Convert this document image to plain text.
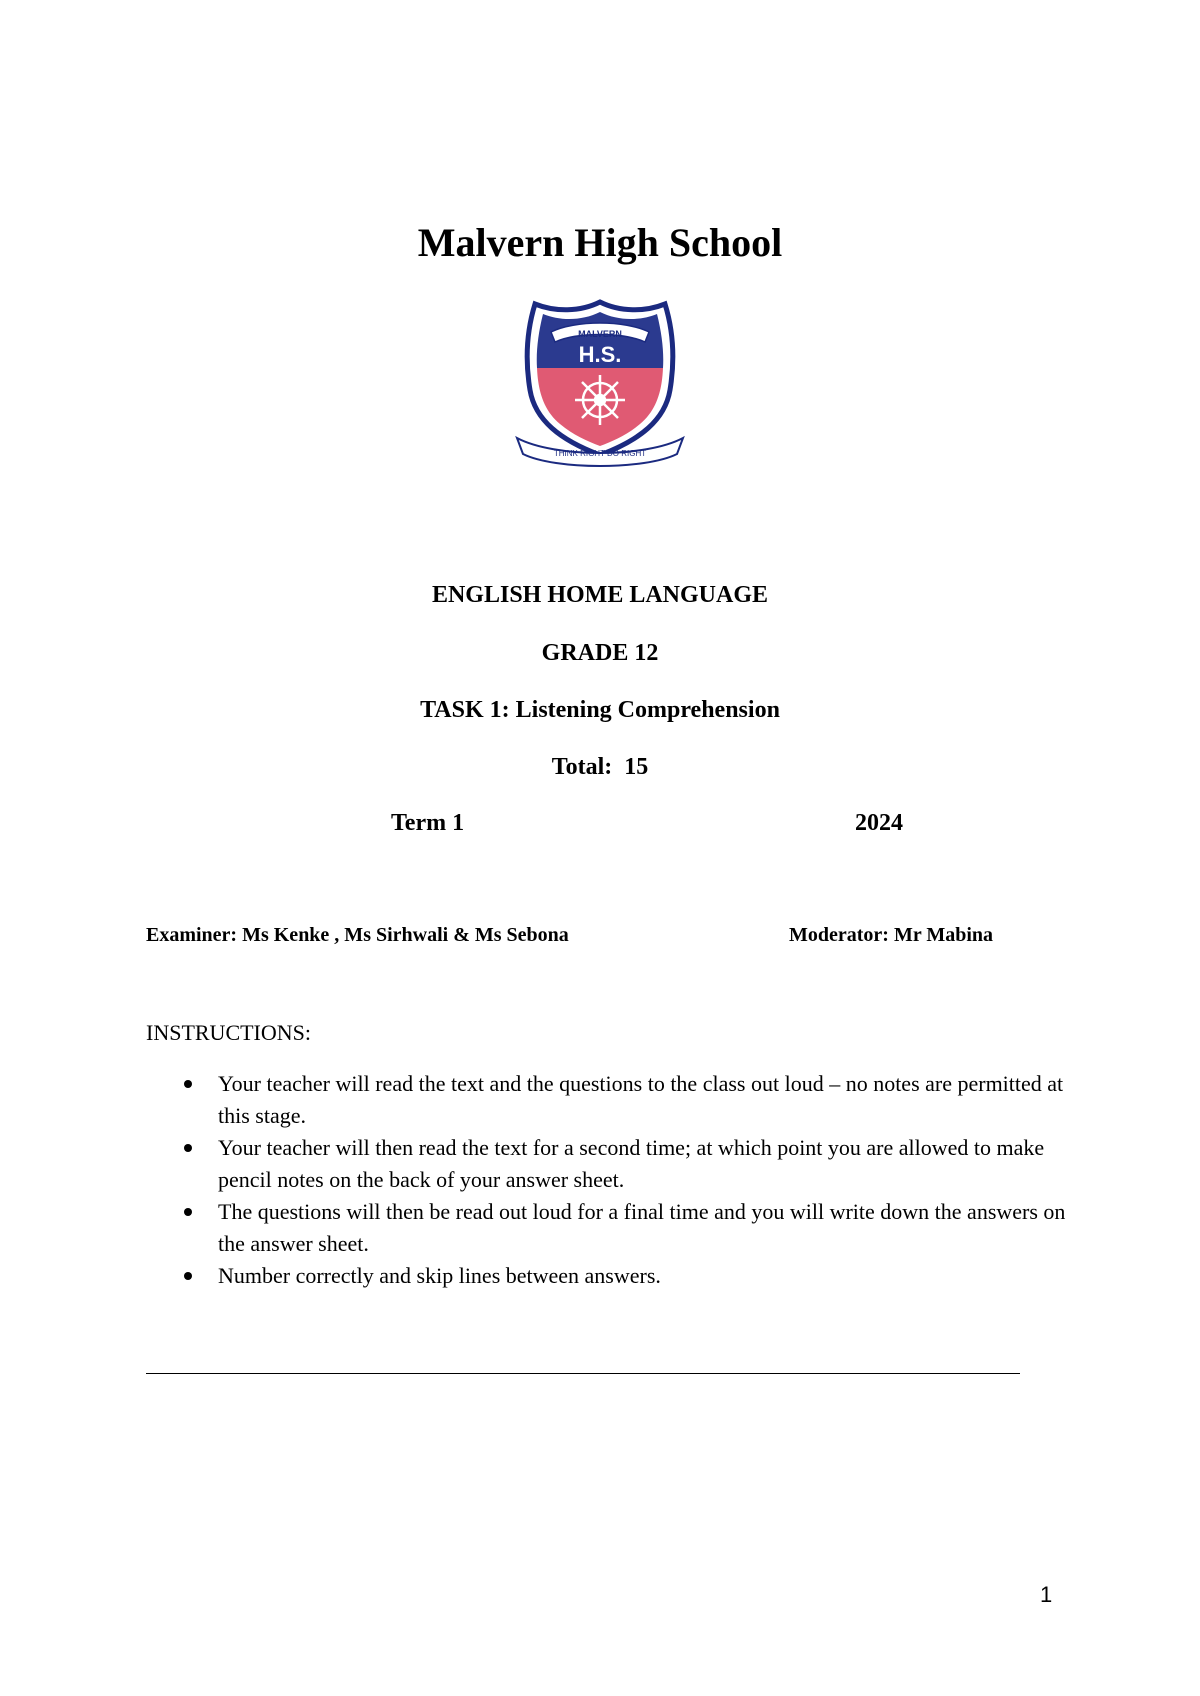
Malvern High School
MALVERN
H.S.
THINK RIGHT DO RIGHT
ENGLISH HOME LANGUAGE
GRADE 12
TASK 1: Listening Comprehension
Total:  15
Term 1	2024
Examiner: Ms Kenke , Ms Sirhwali & Ms Sebona	Moderator: Mr Mabina
INSTRUCTIONS:
Your teacher will read the text and the questions to the class out loud – no notes are permitted at this stage.
Your teacher will then read the text for a second time; at which point you are allowed to make pencil notes on the back of your answer sheet.
The questions will then be read out loud for a final time and you will write down the answers on the answer sheet.
Number correctly and skip lines between answers.
1
